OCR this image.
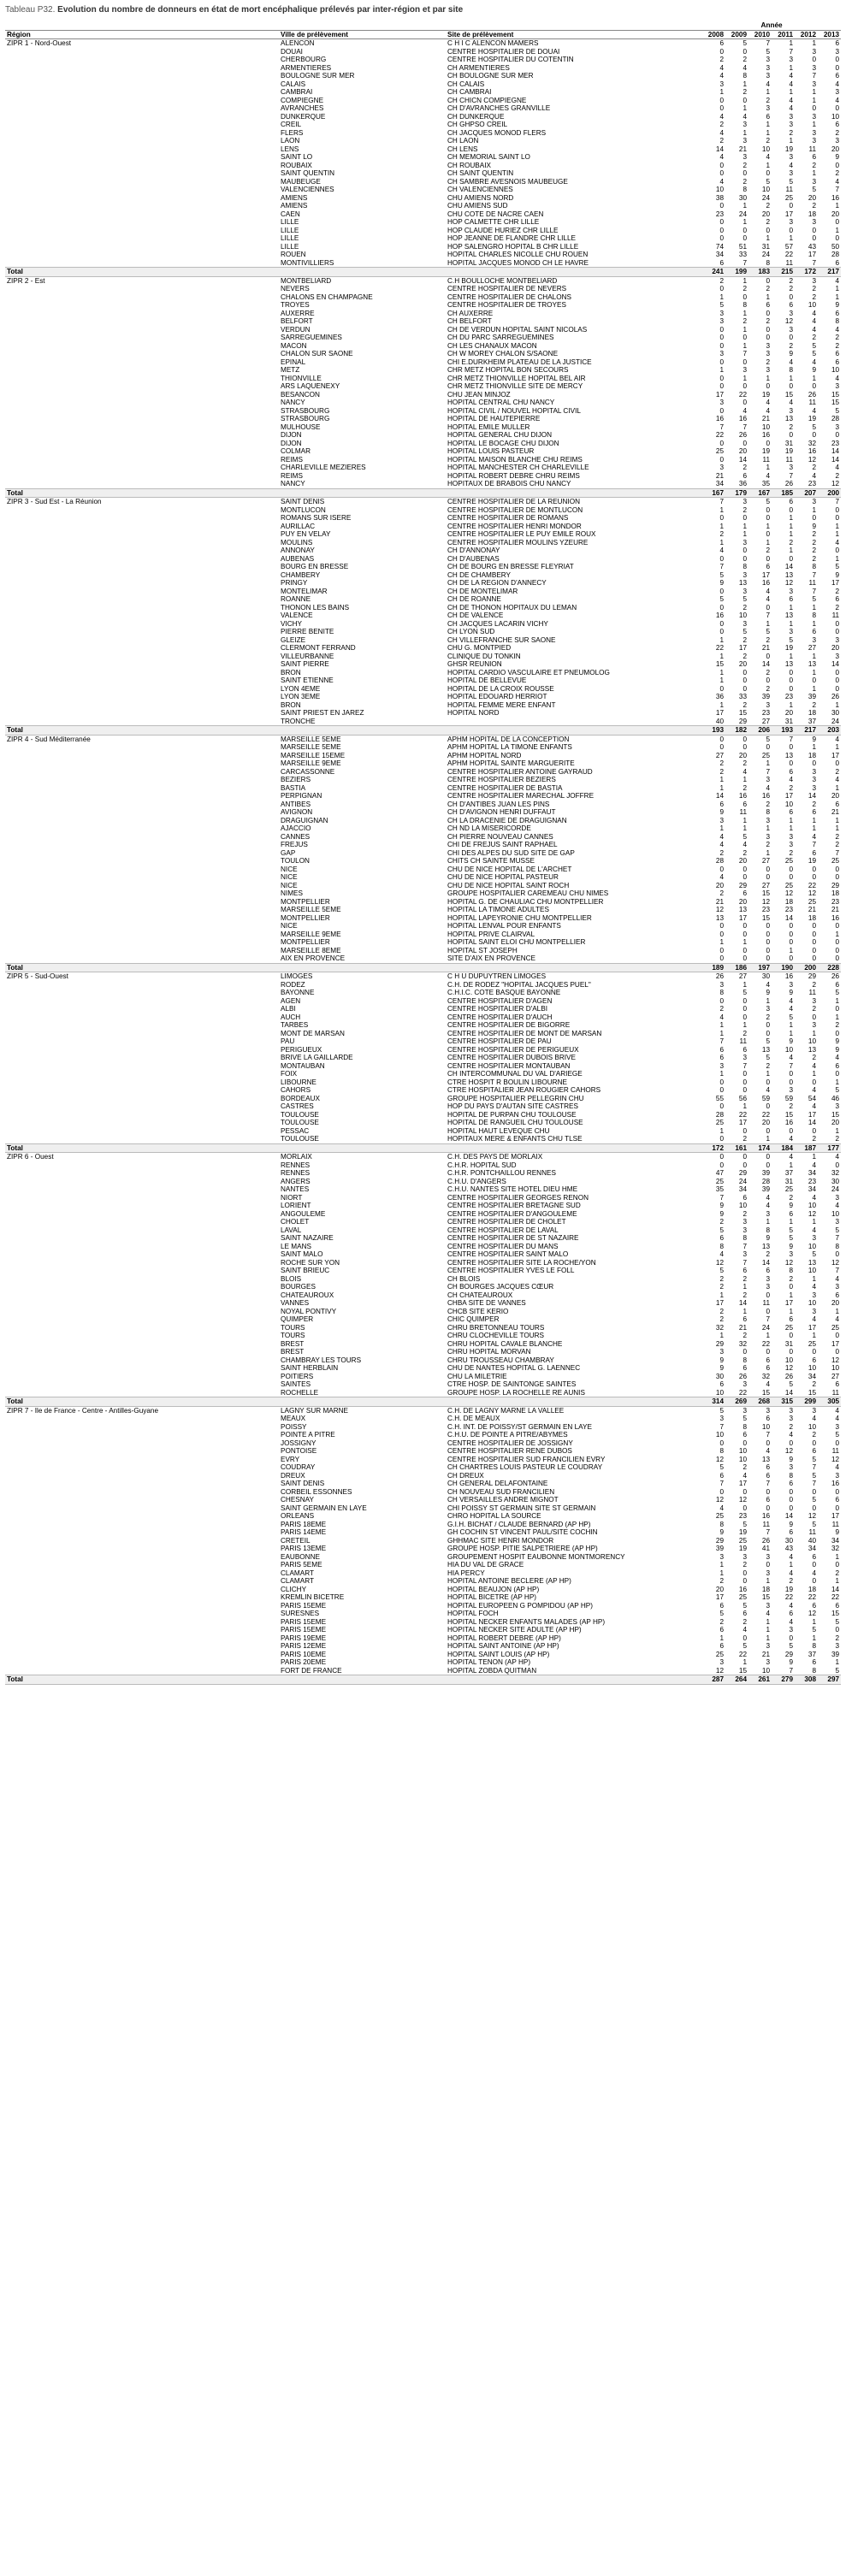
Tableau P32. Evolution du nombre de donneurs en état de mort encéphalique prélevés par inter-région et par site
			Année					
Région	Ville de prélèvement	Site de prélèvement	2008	2009	2010	2011	2012	2013
ZIPR 1 - Nord-Ouest	ALENCON	C H I C ALENCON MAMERS	6	5	7	1	1	6
	DOUAI	CENTRE HOSPITALIER DE DOUAI	0	0	5	7	3	3
	CHERBOURG	CENTRE HOSPITALIER DU COTENTIN	2	2	3	3	0	0
	ARMENTIERES	CH ARMENTIERES	4	4	3	1	3	0
	BOULOGNE SUR MER	CH BOULOGNE SUR MER	4	8	3	4	7	6
	CALAIS	CH CALAIS	3	1	4	4	3	4
	CAMBRAI	CH CAMBRAI	1	2	1	1	1	3
	COMPIEGNE	CH CHICN COMPIEGNE	0	0	2	4	1	4
	AVRANCHES	CH D'AVRANCHES GRANVILLE	0	1	3	4	0	0
	DUNKERQUE	CH DUNKERQUE	4	4	6	3	3	10
	CREIL	CH GHPSO CREIL	2	3	1	3	1	6
	FLERS	CH JACQUES MONOD FLERS	4	1	1	2	3	2
	LAON	CH LAON	2	3	2	1	3	3
	LENS	CH LENS	14	21	10	19	11	20
	SAINT LO	CH MEMORIAL SAINT LO	4	3	4	3	6	9
	ROUBAIX	CH ROUBAIX	0	2	1	4	2	0
	SAINT QUENTIN	CH SAINT QUENTIN	0	0	0	3	1	2
	MAUBEUGE	CH SAMBRE AVESNOIS MAUBEUGE	4	2	5	5	3	4
	VALENCIENNES	CH VALENCIENNES	10	8	10	11	5	7
	AMIENS	CHU AMIENS NORD	38	30	24	25	20	16
	AMIENS	CHU AMIENS SUD	0	1	2	0	2	1
	CAEN	CHU COTE DE NACRE CAEN	23	24	20	17	18	20
	LILLE	HOP CALMETTE CHR LILLE	0	1	2	3	3	0
	LILLE	HOP CLAUDE HURIEZ CHR LILLE	0	0	0	0	0	1
	LILLE	HOP JEANNE DE FLANDRE CHR LILLE	0	0	1	1	0	0
	LILLE	HOP SALENGRO HOPITAL B CHR LILLE	74	51	31	57	43	50
	ROUEN	HOPITAL CHARLES NICOLLE CHU ROUEN	34	33	24	22	17	28
	MONTIVILLIERS	HOPITAL JACQUES MONOD CH LE HAVRE	6	7	8	11	7	6
Total			241	199	183	215	172	217
ZIPR 2 - Est	MONTBELIARD	C.H BOULLOCHE MONTBELIARD	2	1	0	2	3	4
	NEVERS	CENTRE HOSPITALIER DE NEVERS	0	2	2	2	2	1
	CHALONS EN CHAMPAGNE	CENTRE HOSPITALIER DE CHALONS	1	0	1	0	2	1
	TROYES	CENTRE HOSPITALIER DE TROYES	5	8	6	6	10	9
	AUXERRE	CH AUXERRE	3	1	0	3	4	6
	BELFORT	CH BELFORT	3	2	2	12	4	8
	VERDUN	CH DE VERDUN HOPITAL SAINT NICOLAS	0	1	0	3	4	4
	SARREGUEMINES	CH DU PARC SARREGUEMINES	0	0	0	0	2	2
	MACON	CH LES CHANAUX MACON	0	1	3	2	5	2
	CHALON SUR SAONE	CH W MOREY CHALON S/SAONE	3	7	3	9	5	6
	EPINAL	CHI E.DURKHEIM PLATEAU DE LA JUSTICE	0	0	2	4	4	6
	METZ	CHR METZ HOPITAL BON SECOURS	1	3	3	8	9	10
	THIONVILLE	CHR METZ THIONVILLE HOPITAL BEL AIR	0	1	1	1	1	4
	ARS LAQUENEXY	CHR METZ THIONVILLE SITE DE MERCY	0	0	0	0	0	3
	BESANCON	CHU JEAN MINJOZ	17	22	19	15	26	15
	NANCY	HOPITAL CENTRAL CHU NANCY	3	0	4	4	11	15
	STRASBOURG	HOPITAL CIVIL / NOUVEL HOPITAL CIVIL	0	4	4	3	4	5
	STRASBOURG	HOPITAL DE HAUTEPIERRE	16	16	21	13	19	28
	MULHOUSE	HOPITAL EMILE MULLER	7	7	10	2	5	3
	DIJON	HOPITAL GENERAL CHU DIJON	22	26	16	0	0	0
	DIJON	HOPITAL LE BOCAGE CHU DIJON	0	0	0	31	32	23
	COLMAR	HOPITAL LOUIS PASTEUR	25	20	19	19	16	14
	REIMS	HOPITAL MAISON BLANCHE CHU REIMS	0	14	11	11	12	14
	CHARLEVILLE MEZIERES	HOPITAL MANCHESTER CH CHARLEVILLE	3	2	1	3	2	4
	REIMS	HOPITAL ROBERT DEBRE CHRU REIMS	21	6	4	7	4	2
	NANCY	HOPITAUX DE BRABOIS CHU NANCY	34	36	35	26	23	12
Total			167	179	167	185	207	200
ZIPR 3 - Sud Est - La Réunion	SAINT DENIS	CENTRE HOSPITALIER DE LA REUNION	7	3	5	6	3	7
	MONTLUCON	CENTRE HOSPITALIER DE MONTLUCON	1	2	0	0	1	0
	ROMANS SUR ISERE	CENTRE HOSPITALIER DE ROMANS	0	0	0	1	0	0
	AURILLAC	CENTRE HOSPITALIER HENRI MONDOR	1	1	1	1	9	1
	PUY EN VELAY	CENTRE HOSPITALIER LE PUY EMILE ROUX	2	1	0	1	2	1
	MOULINS	CENTRE HOSPITALIER MOULINS YZEURE	1	3	1	2	2	4
	ANNONAY	CH D'ANNONAY	4	0	2	1	2	0
	AUBENAS	CH D'AUBENAS	0	0	0	0	2	1
	BOURG EN BRESSE	CH DE BOURG EN BRESSE FLEYRIAT	7	8	6	14	8	5
	CHAMBERY	CH DE CHAMBERY	5	3	17	13	7	9
	PRINGY	CH DE LA REGION D'ANNECY	9	13	16	12	11	17
	MONTELIMAR	CH DE MONTELIMAR	0	3	4	3	7	2
	ROANNE	CH DE ROANNE	5	5	4	6	5	6
	THONON LES BAINS	CH DE THONON HOPITAUX DU LEMAN	0	2	0	1	1	2
	VALENCE	CH DE VALENCE	16	10	7	13	8	11
	VICHY	CH JACQUES LACARIN VICHY	0	3	1	1	1	0
	PIERRE BENITE	CH LYON SUD	0	5	5	3	6	0
	GLEIZE	CH VILLEFRANCHE SUR SAONE	1	2	2	5	3	3
	CLERMONT FERRAND	CHU G. MONTPIED	22	17	21	19	27	20
	VILLEURBANNE	CLINIQUE DU TONKIN	1	2	0	1	1	3
	SAINT PIERRE	GHSR REUNION	15	20	14	13	13	14
	BRON	HOPITAL CARDIO VASCULAIRE ET PNEUMOLOG	1	0	2	0	1	0
	SAINT ETIENNE	HOPITAL DE BELLEVUE	1	0	0	0	0	0
	LYON 4EME	HOPITAL DE LA CROIX ROUSSE	0	0	2	0	1	0
	LYON 3EME	HOPITAL EDOUARD HERRIOT	36	33	39	23	39	26
	BRON	HOPITAL FEMME MERE ENFANT	1	2	3	1	2	1
	SAINT PRIEST EN JAREZ	HOPITAL NORD	17	15	23	20	18	30
	TRONCHE		40	29	27	31	37	24
Total			193	182	206	193	217	203
ZIPR 4 - Sud Méditerranée	MARSEILLE 5EME	APHM HOPITAL DE LA CONCEPTION	0	0	5	7	9	4
	MARSEILLE 5EME	APHM HOPITAL LA TIMONE ENFANTS	0	0	0	0	1	1
	MARSEILLE 15EME	APHM HOPITAL NORD	27	20	25	13	18	17
	MARSEILLE 9EME	APHM HOPITAL SAINTE MARGUERITE	2	2	1	0	0	0
	CARCASSONNE	CENTRE HOSPITALIER ANTOINE GAYRAUD	2	4	7	6	3	2
	BEZIERS	CENTRE HOSPITALIER BEZIERS	1	1	3	4	3	4
	BASTIA	CENTRE HOSPITALIER DE BASTIA	1	2	4	2	3	1
	PERPIGNAN	CENTRE HOSPITALIER MARECHAL JOFFRE	14	16	16	17	14	20
	ANTIBES	CH D'ANTIBES JUAN LES PINS	6	6	2	10	2	6
	AVIGNON	CH D'AVIGNON HENRI DUFFAUT	9	11	8	6	6	21
	DRAGUIGNAN	CH LA DRACENIE DE DRAGUIGNAN	3	1	3	1	1	1
	AJACCIO	CH ND LA MISERICORDE	1	1	1	1	1	1
	CANNES	CH PIERRE NOUVEAU CANNES	4	5	3	3	4	2
	FREJUS	CHI DE FREJUS SAINT RAPHAEL	4	4	2	3	7	2
	GAP	CHI DES ALPES DU SUD SITE DE GAP	2	2	1	2	6	7
	TOULON	CHITS CH SAINTE MUSSE	28	20	27	25	19	25
	NICE	CHU DE NICE HOPITAL DE L'ARCHET	0	0	0	0	0	0
	NICE	CHU DE NICE HOPITAL PASTEUR	4	0	0	0	0	0
	NICE	CHU DE NICE HOPITAL SAINT ROCH	20	29	27	25	22	29
	NIMES	GROUPE HOSPITALIER CAREMEAU CHU NIMES	2	6	15	12	12	18
	MONTPELLIER	HOPITAL G. DE CHAULIAC CHU MONTPELLIER	21	20	12	18	25	23
	MARSEILLE 5EME	HOPITAL LA TIMONE ADULTES	12	13	23	23	21	21
	MONTPELLIER	HOPITAL LAPEYRONIE CHU MONTPELLIER	13	17	15	14	18	16
	NICE	HOPITAL LENVAL POUR ENFANTS	0	0	0	0	0	0
	MARSEILLE 9EME	HOPITAL PRIVE CLAIRVAL	0	0	0	0	0	1
	MONTPELLIER	HOPITAL SAINT ELOI CHU MONTPELLIER	1	1	0	0	0	0
	MARSEILLE 8EME	HOPITAL ST JOSEPH	0	0	0	1	0	0
	AIX EN PROVENCE	SITE D'AIX EN PROVENCE	0	0	0	0	0	0
Total			189	186	197	190	200	228
ZIPR 5 - Sud-Ouest	LIMOGES	C H U DUPUYTREN LIMOGES	26	27	30	16	29	26
	RODEZ	C.H. DE RODEZ "HOPITAL JACQUES PUEL"	3	1	4	3	2	6
	BAYONNE	C.H.I.C. COTE BASQUE BAYONNE	8	5	9	9	11	5
	AGEN	CENTRE HOSPITALIER D'AGEN	0	0	1	4	3	1
	ALBI	CENTRE HOSPITALIER D'ALBI	2	0	3	4	2	0
	AUCH	CENTRE HOSPITALIER D'AUCH	4	0	2	5	0	1
	TARBES	CENTRE HOSPITALIER DE BIGORRE	1	1	0	1	3	2
	MONT DE MARSAN	CENTRE HOSPITALIER DE MONT DE MARSAN	1	2	0	1	1	0
	PAU	CENTRE HOSPITALIER DE PAU	7	11	5	9	10	9
	PERIGUEUX	CENTRE HOSPITALIER DE PERIGUEUX	6	6	13	10	13	9
	BRIVE LA GAILLARDE	CENTRE HOSPITALIER DUBOIS BRIVE	6	3	5	4	2	4
	MONTAUBAN	CENTRE HOSPITALIER MONTAUBAN	3	7	2	7	4	6
	FOIX	CH INTERCOMMUNAL DU VAL D'ARIEGE	1	0	1	0	1	0
	LIBOURNE	CTRE HOSPIT R BOULIN LIBOURNE	0	0	0	0	0	1
	CAHORS	CTRE HOSPITALIER JEAN ROUGIER CAHORS	0	0	4	3	4	5
	BORDEAUX	GROUPE HOSPITALIER PELLEGRIN CHU	55	56	59	59	54	46
	CASTRES	HOP DU PAYS D'AUTAN SITE CASTRES	0	1	0	2	4	3
	TOULOUSE	HOPITAL DE PURPAN CHU TOULOUSE	28	22	22	15	17	15
	TOULOUSE	HOPITAL DE RANGUEIL CHU TOULOUSE	25	17	20	16	14	20
	PESSAC	HOPITAL HAUT LEVEQUE CHU	1	0	0	0	0	1
	TOULOUSE	HOPITAUX MERE & ENFANTS CHU TLSE	0	2	1	4	2	2
Total			172	161	174	184	187	177
ZIPR 6 - Ouest	MORLAIX	C.H. DES PAYS DE MORLAIX	0	0	0	4	1	4
	RENNES	C.H.R. HOPITAL SUD	0	0	0	1	4	0
	RENNES	C.H.R. PONTCHAILLOU RENNES	47	29	39	37	34	32
	ANGERS	C.H.U. D'ANGERS	25	24	28	31	23	30
	NANTES	C.H.U. NANTES SITE HOTEL DIEU HME	35	34	39	25	34	24
	NIORT	CENTRE HOSPITALIER GEORGES RENON	7	6	4	2	4	3
	LORIENT	CENTRE HOSPITALIER BRETAGNE SUD	9	10	4	9	10	4
	ANGOULEME	CENTRE HOSPITALIER D'ANGOULEME	9	2	3	6	12	10
	CHOLET	CENTRE HOSPITALIER DE CHOLET	2	3	1	1	1	3
	LAVAL	CENTRE HOSPITALIER DE LAVAL	5	3	8	5	4	5
	SAINT NAZAIRE	CENTRE HOSPITALIER DE ST NAZAIRE	6	8	9	5	3	7
	LE MANS	CENTRE HOSPITALIER DU MANS	8	7	13	9	10	8
	SAINT MALO	CENTRE HOSPITALIER SAINT MALO	4	3	2	3	5	0
	ROCHE SUR YON	CENTRE HOSPITALIER SITE LA ROCHE/YON	12	7	14	12	13	12
	SAINT BRIEUC	CENTRE HOSPITALIER YVES LE FOLL	5	6	6	8	10	7
	BLOIS	CH BLOIS	2	2	3	2	1	4
	BOURGES	CH BOURGES JACQUES CŒUR	2	1	3	0	4	3
	CHATEAUROUX	CH CHATEAUROUX	1	2	0	1	3	6
	VANNES	CHBA SITE DE VANNES	17	14	11	17	10	20
	NOYAL PONTIVY	CHCB SITE KERIO	2	1	0	1	3	1
	QUIMPER	CHIC QUIMPER	2	6	7	6	4	4
	TOURS	CHRU BRETONNEAU TOURS	32	21	24	25	17	25
	TOURS	CHRU CLOCHEVILLE TOURS	1	2	1	0	1	0
	BREST	CHRU HOPITAL CAVALE BLANCHE	29	32	22	31	25	17
	BREST	CHRU HOPITAL MORVAN	3	0	0	0	0	0
	CHAMBRAY LES TOURS	CHRU TROUSSEAU CHAMBRAY	9	8	6	10	6	12
	SAINT HERBLAIN	CHU DE NANTES HOPITAL G. LAENNEC	9	6	6	12	10	10
	POITIERS	CHU LA MILETRIE	30	26	32	26	34	27
	SAINTES	CTRE HOSP. DE SAINTONGE SAINTES	6	3	4	5	2	6
	ROCHELLE	GROUPE HOSP. LA ROCHELLE RE AUNIS	10	22	15	14	15	11
Total			314	269	268	315	299	305
ZIPR 7 - Ile de France - Centre - Antilles-Guyane	LAGNY SUR MARNE	C.H. DE LAGNY MARNE LA VALLEE	5	3	3	3	3	4
	MEAUX	C.H. DE MEAUX	3	5	6	3	4	4
	POISSY	C.H. INT. DE POISSY/ST GERMAIN EN LAYE	7	8	10	2	10	3
	POINTE A PITRE	C.H.U. DE POINTE A PITRE/ABYMES	10	6	7	4	2	5
	JOSSIGNY	CENTRE HOSPITALIER DE JOSSIGNY	0	0	0	0	0	0
	PONTOISE	CENTRE HOSPITALIER RENE DUBOS	8	10	4	12	6	11
	EVRY	CENTRE HOSPITALIER SUD FRANCILIEN EVRY	12	10	13	9	5	12
	COUDRAY	CH CHARTRES LOUIS PASTEUR LE COUDRAY	5	2	6	3	7	4
	DREUX	CH DREUX	6	4	6	8	5	3
	SAINT DENIS	CH GENERAL DELAFONTAINE	7	17	7	6	7	16
	CORBEIL ESSONNES	CH NOUVEAU SUD FRANCILIEN	0	0	0	0	0	0
	CHESNAY	CH VERSAILLES ANDRE MIGNOT	12	12	6	0	5	6
	SAINT GERMAIN EN LAYE	CHI POISSY ST GERMAIN SITE ST GERMAIN	4	0	0	0	0	0
	ORLEANS	CHRO HOPITAL LA SOURCE	25	23	16	14	12	17
	PARIS 18EME	G.I.H. BICHAT / CLAUDE BERNARD (AP HP)	8	5	11	9	5	11
	PARIS 14EME	GH COCHIN ST VINCENT PAUL/SITE COCHIN	9	19	7	6	11	9
	CRETEIL	GHHMAC SITE HENRI MONDOR	29	25	26	30	40	34
	PARIS 13EME	GROUPE HOSP. PITIE SALPETRIERE (AP HP)	39	19	41	43	34	32
	EAUBONNE	GROUPEMENT HOSPIT EAUBONNE MONTMORENCY	3	3	3	4	6	1
	PARIS 5EME	HIA DU VAL DE GRACE	1	2	0	1	0	0
	CLAMART	HIA PERCY	1	0	3	4	4	2
	CLAMART	HOPITAL ANTOINE BECLERE (AP HP)	2	0	1	2	0	1
	CLICHY	HOPITAL BEAUJON (AP HP)	20	16	18	19	18	14
	KREMLIN BICETRE	HOPITAL BICETRE (AP HP)	17	25	15	22	22	22
	PARIS 15EME	HOPITAL EUROPEEN G POMPIDOU (AP HP)	6	5	3	4	6	6
	SURESNES	HOPITAL FOCH	5	6	4	6	12	15
	PARIS 15EME	HOPITAL NECKER ENFANTS MALADES (AP HP)	2	2	1	4	1	5
	PARIS 15EME	HOPITAL NECKER SITE ADULTE (AP HP)	6	4	1	3	5	0
	PARIS 19EME	HOPITAL ROBERT DEBRE (AP HP)	1	0	1	0	1	2
	PARIS 12EME	HOPITAL SAINT ANTOINE (AP HP)	6	5	3	5	8	3
	PARIS 10EME	HOPITAL SAINT LOUIS (AP HP)	25	22	21	29	37	39
	PARIS 20EME	HOPITAL TENON (AP HP)	3	1	3	9	6	1
	FORT DE FRANCE	HOPITAL ZOBDA QUITMAN	12	15	10	7	8	5
Total			287	264	261	279	308	297
